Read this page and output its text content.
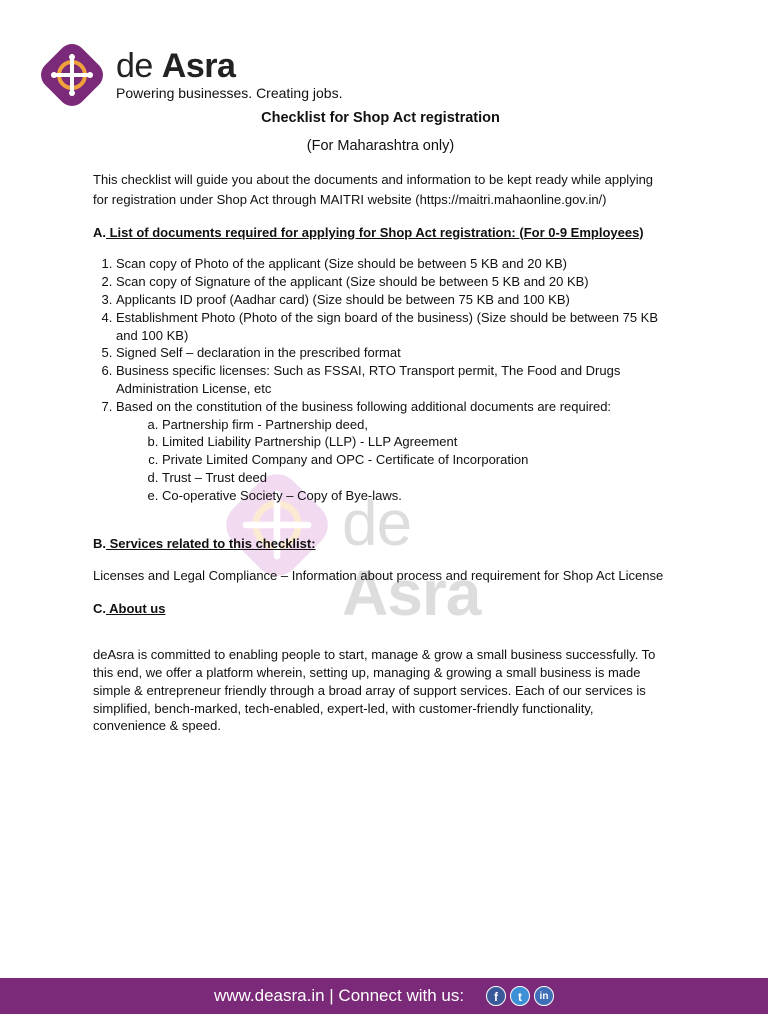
de Asra
Powering businesses. Creating jobs.
de Asra
Checklist for Shop Act registration
(For Maharashtra only)

This checklist will guide you about the documents and information to be kept ready while applying for registration under Shop Act through MAITRI website (https://maitri.mahaonline.gov.in/)

A. List of documents required for applying for Shop Act registration: (For 0-9 Employees)
1. Scan copy of Photo of the applicant (Size should be between 5 KB and 20 KB)
2. Scan copy of Signature of the applicant (Size should be between 5 KB and 20 KB)
3. Applicants ID proof (Aadhar card) (Size should be between 75 KB and 100 KB)
4. Establishment Photo (Photo of the sign board of the business) (Size should be between 75 KB and 100 KB)
5. Signed Self – declaration in the prescribed format
6. Business specific licenses: Such as FSSAI, RTO Transport permit, The Food and Drugs Administration License, etc
7. Based on the constitution of the business following additional documents are required:
a. Partnership firm - Partnership deed,
b. Limited Liability Partnership (LLP) - LLP Agreement
c. Private Limited Company and OPC - Certificate of Incorporation
d. Trust – Trust deed
e. Co-operative Society – Copy of Bye-laws.
B. Services related to this checklist:

Licenses and Legal Compliance – Information about process and requirement for Shop Act License

C. About us

deAsra is committed to enabling people to start, manage & grow a small business successfully. To this end, we offer a platform wherein, setting up, managing & growing a small business is made simple & entrepreneur friendly through a broad array of support services. Each of our services is simplified, bench-marked, tech-enabled, expert-led, with customer-friendly functionality, convenience & speed.

www.deasra.in | Connect with us:	f	t	in
